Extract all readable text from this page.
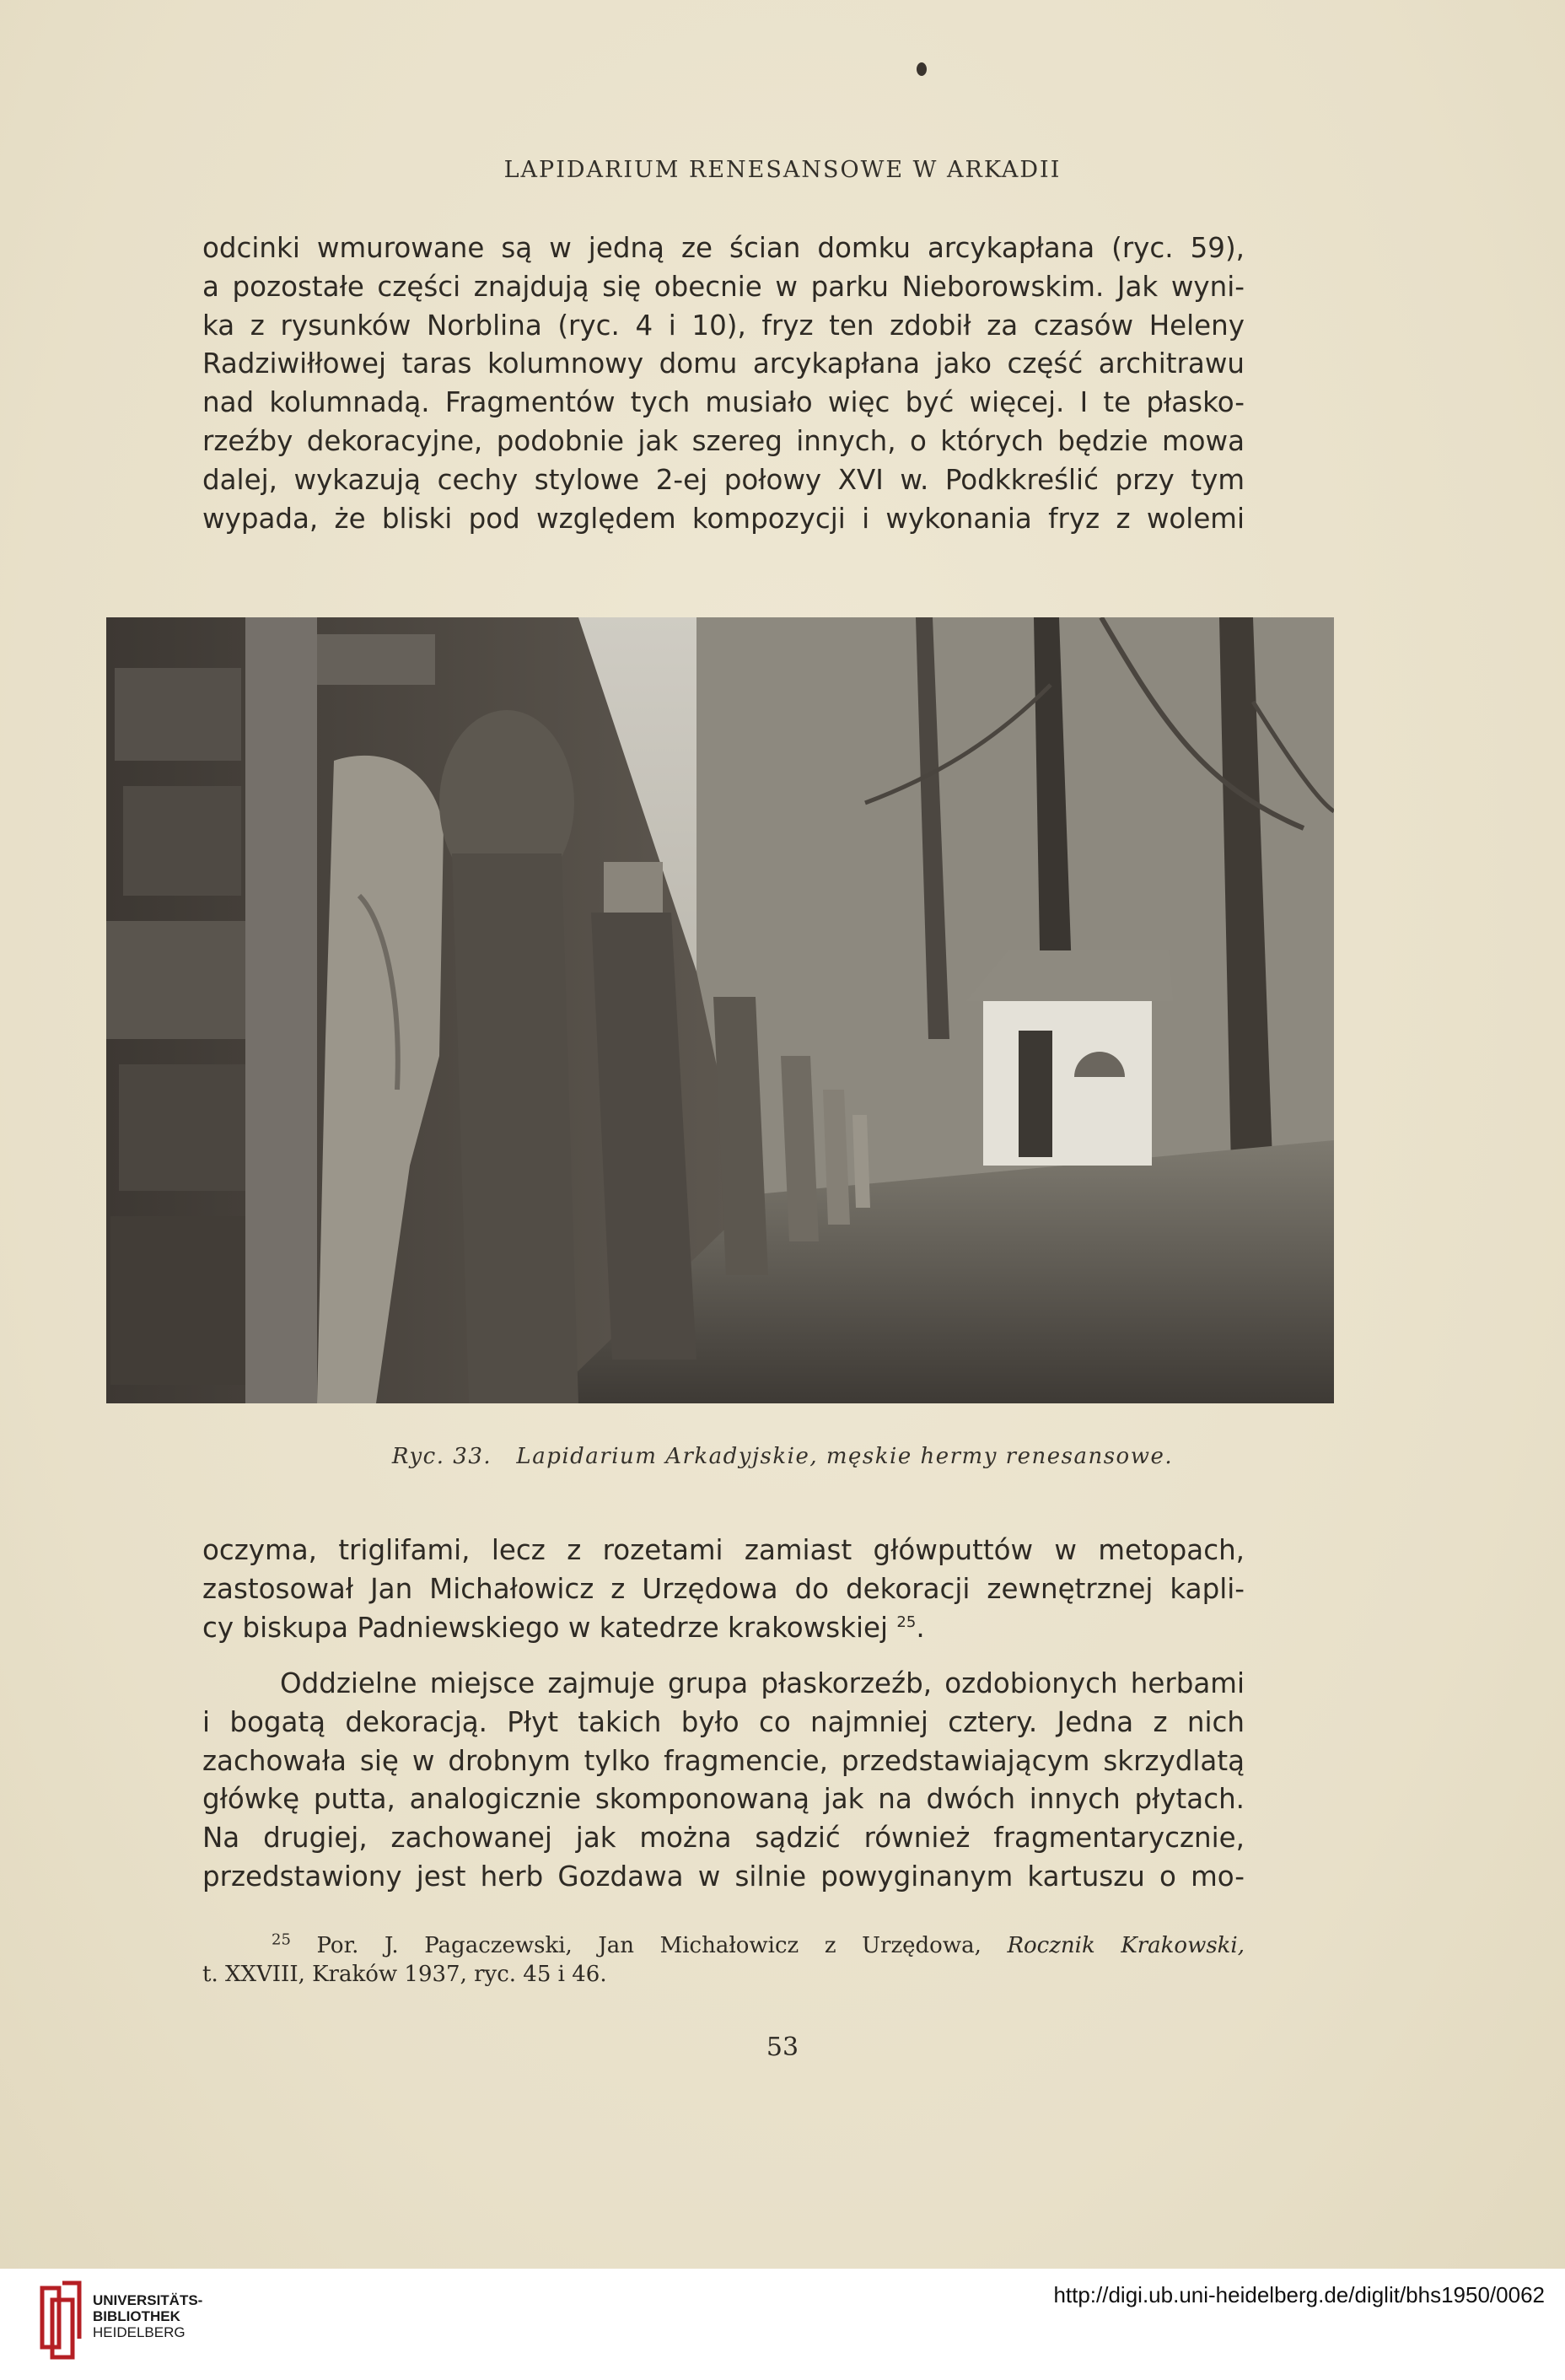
LAPIDARIUM RENESANSOWE W ARKADII
odcinki wmurowane są w jedną ze ścian domku arcykapłana (ryc. 59),
a pozostałe części znajdują się obecnie w parku Nieborowskim. Jak wyni-
ka z rysunków Norblina (ryc. 4 i 10), fryz ten zdobił za czasów Heleny
Radziwiłłowej taras kolumnowy domu arcykapłana jako część architrawu
nad kolumnadą. Fragmentów tych musiało więc być więcej. I te płasko-
rzeźby dekoracyjne, podobnie jak szereg innych, o których będzie mowa
dalej, wykazują cechy stylowe 2-ej połowy XVI w. Podkkreślić przy tym
wypada, że bliski pod względem kompozycji i wykonania fryz z wolemi
Ryc. 33. Lapidarium Arkadyjskie, męskie hermy renesansowe.
oczyma, triglifami, lecz z rozetami zamiast główputtów w metopach,
zastosował Jan Michałowicz z Urzędowa do dekoracji zewnętrznej kapli-
cy biskupa Padniewskiego w katedrze krakowskiej $^{25}$.
Oddzielne miejsce zajmuje grupa płaskorzeźb, ozdobionych herbami
i bogatą dekoracją. Płyt takich było co najmniej cztery. Jedna z nich
zachowała się w drobnym tylko fragmencie, przedstawiającym skrzydlatą
główkę putta, analogicznie skomponowaną jak na dwóch innych płytach.
Na drugiej, zachowanej jak można sądzić również fragmentarycznie,
przedstawiony jest herb Gozdawa w silnie powyginanym kartuszu o mo-
$^{25}$ Por. J. Pagaczewski, Jan Michałowicz z Urzędowa, Rocznik Krakowski,
t. XXVIII, Kraków 1937, ryc. 45 i 46.
53
UNIVERSITÄTS-
BIBLIOTHEK
HEIDELBERG
http://digi.ub.uni-heidelberg.de/diglit/bhs1950/0062
